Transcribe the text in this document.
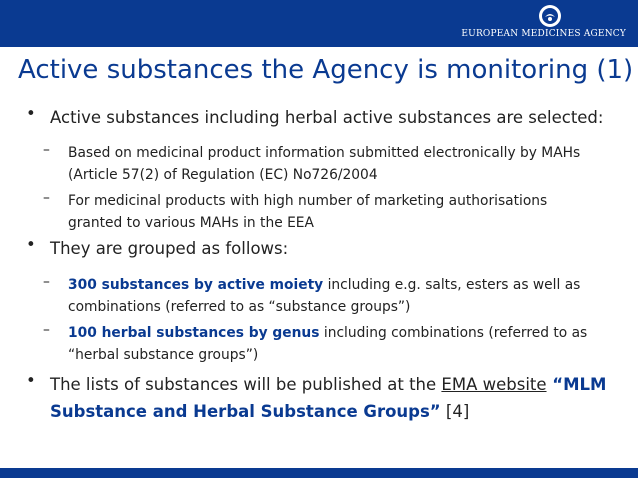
EUROPEAN MEDICINES AGENCY
Active substances the Agency is monitoring (1)
• Active substances including herbal active substances are selected:
– Based on medicinal product information submitted electronically by MAHs
(Article 57(2) of Regulation (EC) No726/2004
– For medicinal products with high number of marketing authorisations
granted to various MAHs in the EEA
• They are grouped as follows:
– 300 substances by active moiety including e.g. salts, esters as well as
combinations (referred to as “substance groups”)
– 100 herbal substances by genus including combinations (referred to as
“herbal substance groups”)
• The lists of substances will be published at the EMA website “MLM
Substance and Herbal Substance Groups” [4]
